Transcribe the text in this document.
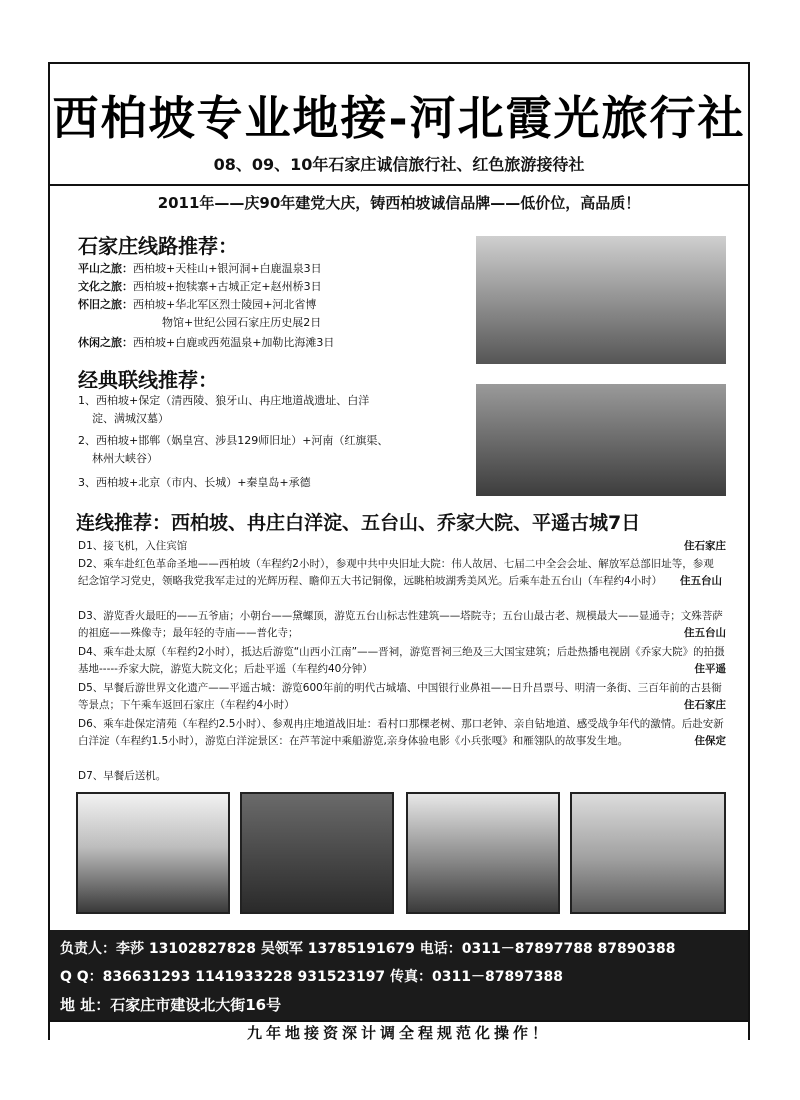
西柏坡专业地接-河北霞光旅行社
08、09、10年石家庄诚信旅行社、红色旅游接待社
2011年——庆90年建党大庆，铸西柏坡诚信品牌——低价位，高品质！
石家庄线路推荐：
平山之旅：西柏坡+天桂山+银河洞+白鹿温泉3日
文化之旅：西柏坡+抱犊寨+古城正定+赵州桥3日
怀旧之旅：西柏坡+华北军区烈士陵园+河北省博
物馆+世纪公园石家庄历史展2日
休闲之旅：西柏坡+白鹿或西苑温泉+加勒比海滩3日
经典联线推荐：
1、西柏坡+保定（清西陵、狼牙山、冉庄地道战遗址、白洋
淀、满城汉墓）
2、西柏坡+邯郸（娲皇宫、涉县129师旧址）+河南（红旗渠、
林州大峡谷）
3、西柏坡+北京（市内、长城）+秦皇岛+承德
连线推荐：西柏坡、冉庄白洋淀、五台山、乔家大院、平遥古城7日
D1、接飞机，入住宾馆	住石家庄
D2、乘车赴红色革命圣地——西柏坡（车程约2小时），参观中共中央旧址大院：伟人故居、七届二中全会会址、解放军总部旧址等，参观纪念馆学习党史，领略我党我军走过的光辉历程、瞻仰五大书记铜像，远眺柏坡湖秀美风光。后乘车赴五台山（车程约4小时） 住五台山
D3、游览香火最旺的——五爷庙；小朝台——黛螺顶，游览五台山标志性建筑——塔院寺；五台山最古老、规模最大——显通寺；文殊菩萨的祖庭——殊像寺；最年轻的寺庙——普化寺；	住五台山
D4、乘车赴太原（车程约2小时），抵达后游览“山西小江南”——晋祠，游览晋祠三绝及三大国宝建筑；后赴热播电视剧《乔家大院》的拍摄基地-----乔家大院，游览大院文化；后赴平遥（车程约40分钟）	住平遥
D5、早餐后游世界文化遗产——平遥古城：游览600年前的明代古城墙、中国银行业鼻祖——日升昌票号、明清一条街、三百年前的古县衙等景点；下午乘车返回石家庄（车程约4小时）	住石家庄
D6、乘车赴保定清苑（车程约2.5小时）、参观冉庄地道战旧址：看村口那棵老树、那口老钟、亲自钻地道、感受战争年代的激情。后赴安新白洋淀（车程约1.5小时），游览白洋淀景区：在芦苇淀中乘船游览,亲身体验电影《小兵张嘎》和雁翎队的故事发生地。	住保定
D7、早餐后送机。
负责人：李莎 13102827828 吴领军 13785191679 电话：0311－87897788 87890388
Q Q：836631293 1141933228 931523197 传真：0311－87897388
地 址：石家庄市建设北大街16号
九年地接资深计调全程规范化操作！
